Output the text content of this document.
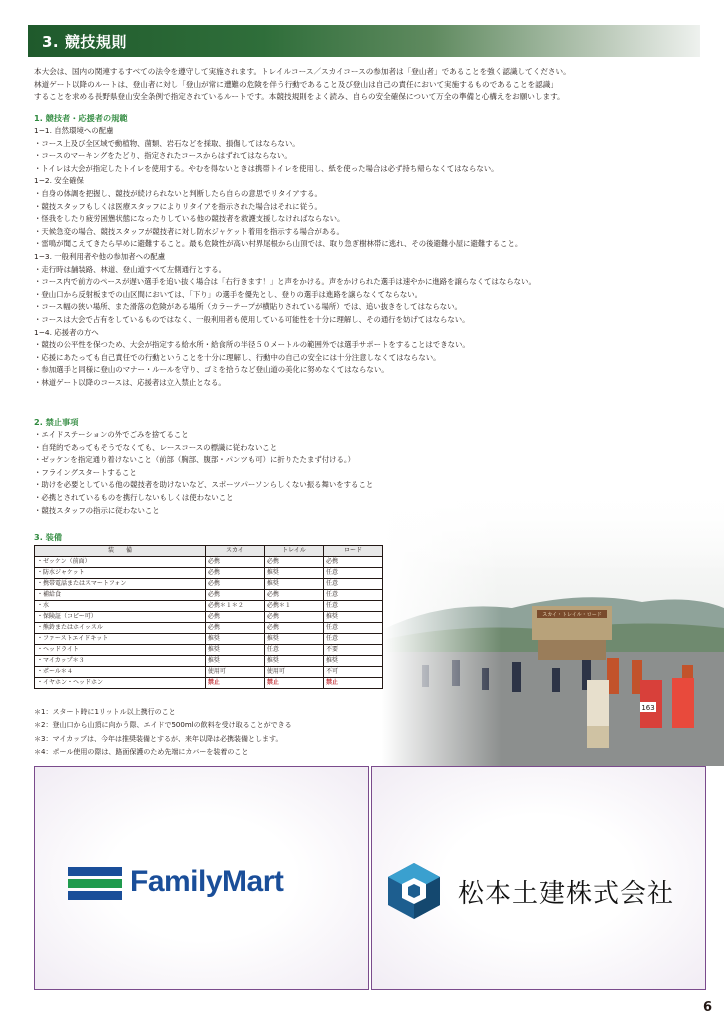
3. 競技規則
本大会は、国内の関連するすべての法令を遵守して実施されます。トレイルコース／スカイコースの参加者は「登山者」であることを強く認識してください。
林道ゲート以降のルートは、登山者に対し「登山が常に遭難の危険を伴う行動であること及び登山は自己の責任において実施するものであることを認識」
することを求める長野県登山安全条例で指定されているルートです。本競技規則をよく読み、自らの安全確保について万全の準備と心構えをお願いします。
1. 競技者・応援者の規範
1−1. 自然環境への配慮
・コース上及び全区域で動植物、菌類、岩石などを採取、損傷してはならない。
・コースのマーキングをたどり、指定されたコースからはずれてはならない。
・トイレは大会が指定したトイレを使用する。やむを得ないときは携帯トイレを使用し、紙を使った場合は必ず持ち帰らなくてはならない。
1−2. 安全確保
・自身の体調を把握し、競技が続けられないと判断したら自らの意思でリタイアする。
・競技スタッフもしくは医療スタッフによりリタイアを指示された場合はそれに従う。
・怪我をしたり疲労困憊状態になったりしている他の競技者を救護支援しなければならない。
・天候急変の場合、競技スタッフが競技者に対し防水ジャケット着用を指示する場合がある。
・雷鳴が聞こえてきたら早めに避難すること。最も危険性が高い村界尾根から山頂では、取り急ぎ樹林帯に逃れ、その後避難小屋に避難すること。
1−3. 一般利用者や他の参加者への配慮
・走行時は舗装路、林道、登山道すべて左側通行とする。
・コース内で前方のペースが遅い選手を追い抜く場合は「右行きます！」と声をかける。声をかけられた選手は速やかに進路を譲らなくてはならない。
・登山口から反射板までの山区間においては、「下り」の選手を優先とし、登りの選手は進路を譲らなくてならない。
・コース幅の狭い場所、また滑落の危険がある場所（カラーテープが横貼りされている場所）では、追い抜きをしてはならない。
・コースは大会で占有をしているものではなく、一般利用者も使用している可能性を十分に理解し、その通行を妨げてはならない。
1−4. 応援者の方へ
・競技の公平性を保つため、大会が指定する給水所・給食所の半径５０メートルの範囲外では選手サポートをすることはできない。
・応援にあたっても自己責任での行動ということを十分に理解し、行動中の自己の安全には十分注意しなくてはならない。
・参加選手と同様に登山のマナー・ルールを守り、ゴミを拾うなど登山道の美化に努めなくてはならない。
・林道ゲート以降のコースは、応援者は立入禁止となる。
2. 禁止事項
・エイドステーションの外でごみを捨てること
・自発的であってもそうでなくても、レースコースの標識に従わないこと
・ゼッケンを指定通り着けないこと（前部（胸部、腹部・パンツも可）に折りたたまず付ける。）
・フライングスタートすること
・助けを必要としている他の競技者を助けないなど、スポーツパーソンらしくない振る舞いをすること
・必携とされているものを携行しないもしくは使わないこと
・競技スタッフの指示に従わないこと
3. 装備
装　　備	スカイ	トレイル	ロード
・ゼッケン（前面）	必携	必携	必携
・防水ジャケット	必携	推奨	任意
・携帯電話またはスマートフォン	必携	推奨	任意
・補給食	必携	必携	任意
・水	必携＊１＊２	必携＊１	任意
・保険証（コピー可）	必携	必携	推奨
・熊鈴またはホイッスル	必携	必携	任意
・ファーストエイドキット	推奨	推奨	任意
・ヘッドライト	推奨	任意	不要
・マイカップ＊３	推奨	推奨	推奨
・ポール＊４	使用可	使用可	不可
・イヤホン・ヘッドホン	禁止	禁止	禁止
＊1：スタート時に1リットル以上携行のこと
＊2：登山口から山頂に向かう際、エイドで500mlの飲料を受け取ることができる
＊3：マイカップは、今年は推奨装備とするが、来年以降は必携装備とします。
＊4：ポール使用の際は、路面保護のため先端にカバーを装着のこと
FamilyMart	松本土建株式会社
6
